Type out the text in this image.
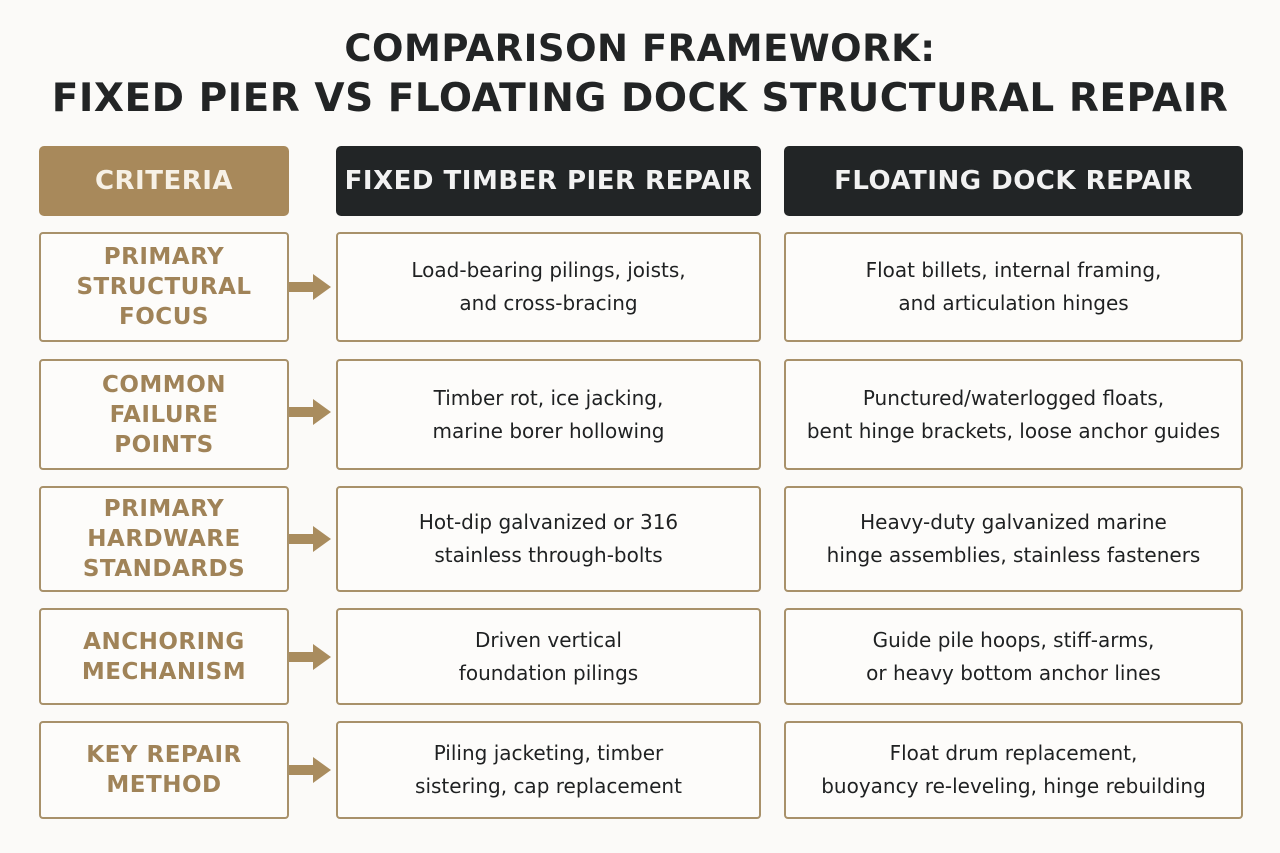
COMPARISON FRAMEWORK:
FIXED PIER VS FLOATING DOCK STRUCTURAL REPAIR
CRITERIA	FIXED TIMBER PIER REPAIR	FLOATING DOCK REPAIR
PRIMARY
STRUCTURAL
FOCUS
Load-bearing pilings, joists,
and cross-bracing
Float billets, internal framing,
and articulation hinges
COMMON
FAILURE
POINTS
Timber rot, ice jacking,
marine borer hollowing
Punctured/waterlogged floats,
bent hinge brackets, loose anchor guides
PRIMARY
HARDWARE
STANDARDS
Hot-dip galvanized or 316
stainless through-bolts
Heavy-duty galvanized marine
hinge assemblies, stainless fasteners
ANCHORING
MECHANISM
Driven vertical
foundation pilings
Guide pile hoops, stiff-arms,
or heavy bottom anchor lines
KEY REPAIR
METHOD
Piling jacketing, timber
sistering, cap replacement
Float drum replacement,
buoyancy re-leveling, hinge rebuilding
